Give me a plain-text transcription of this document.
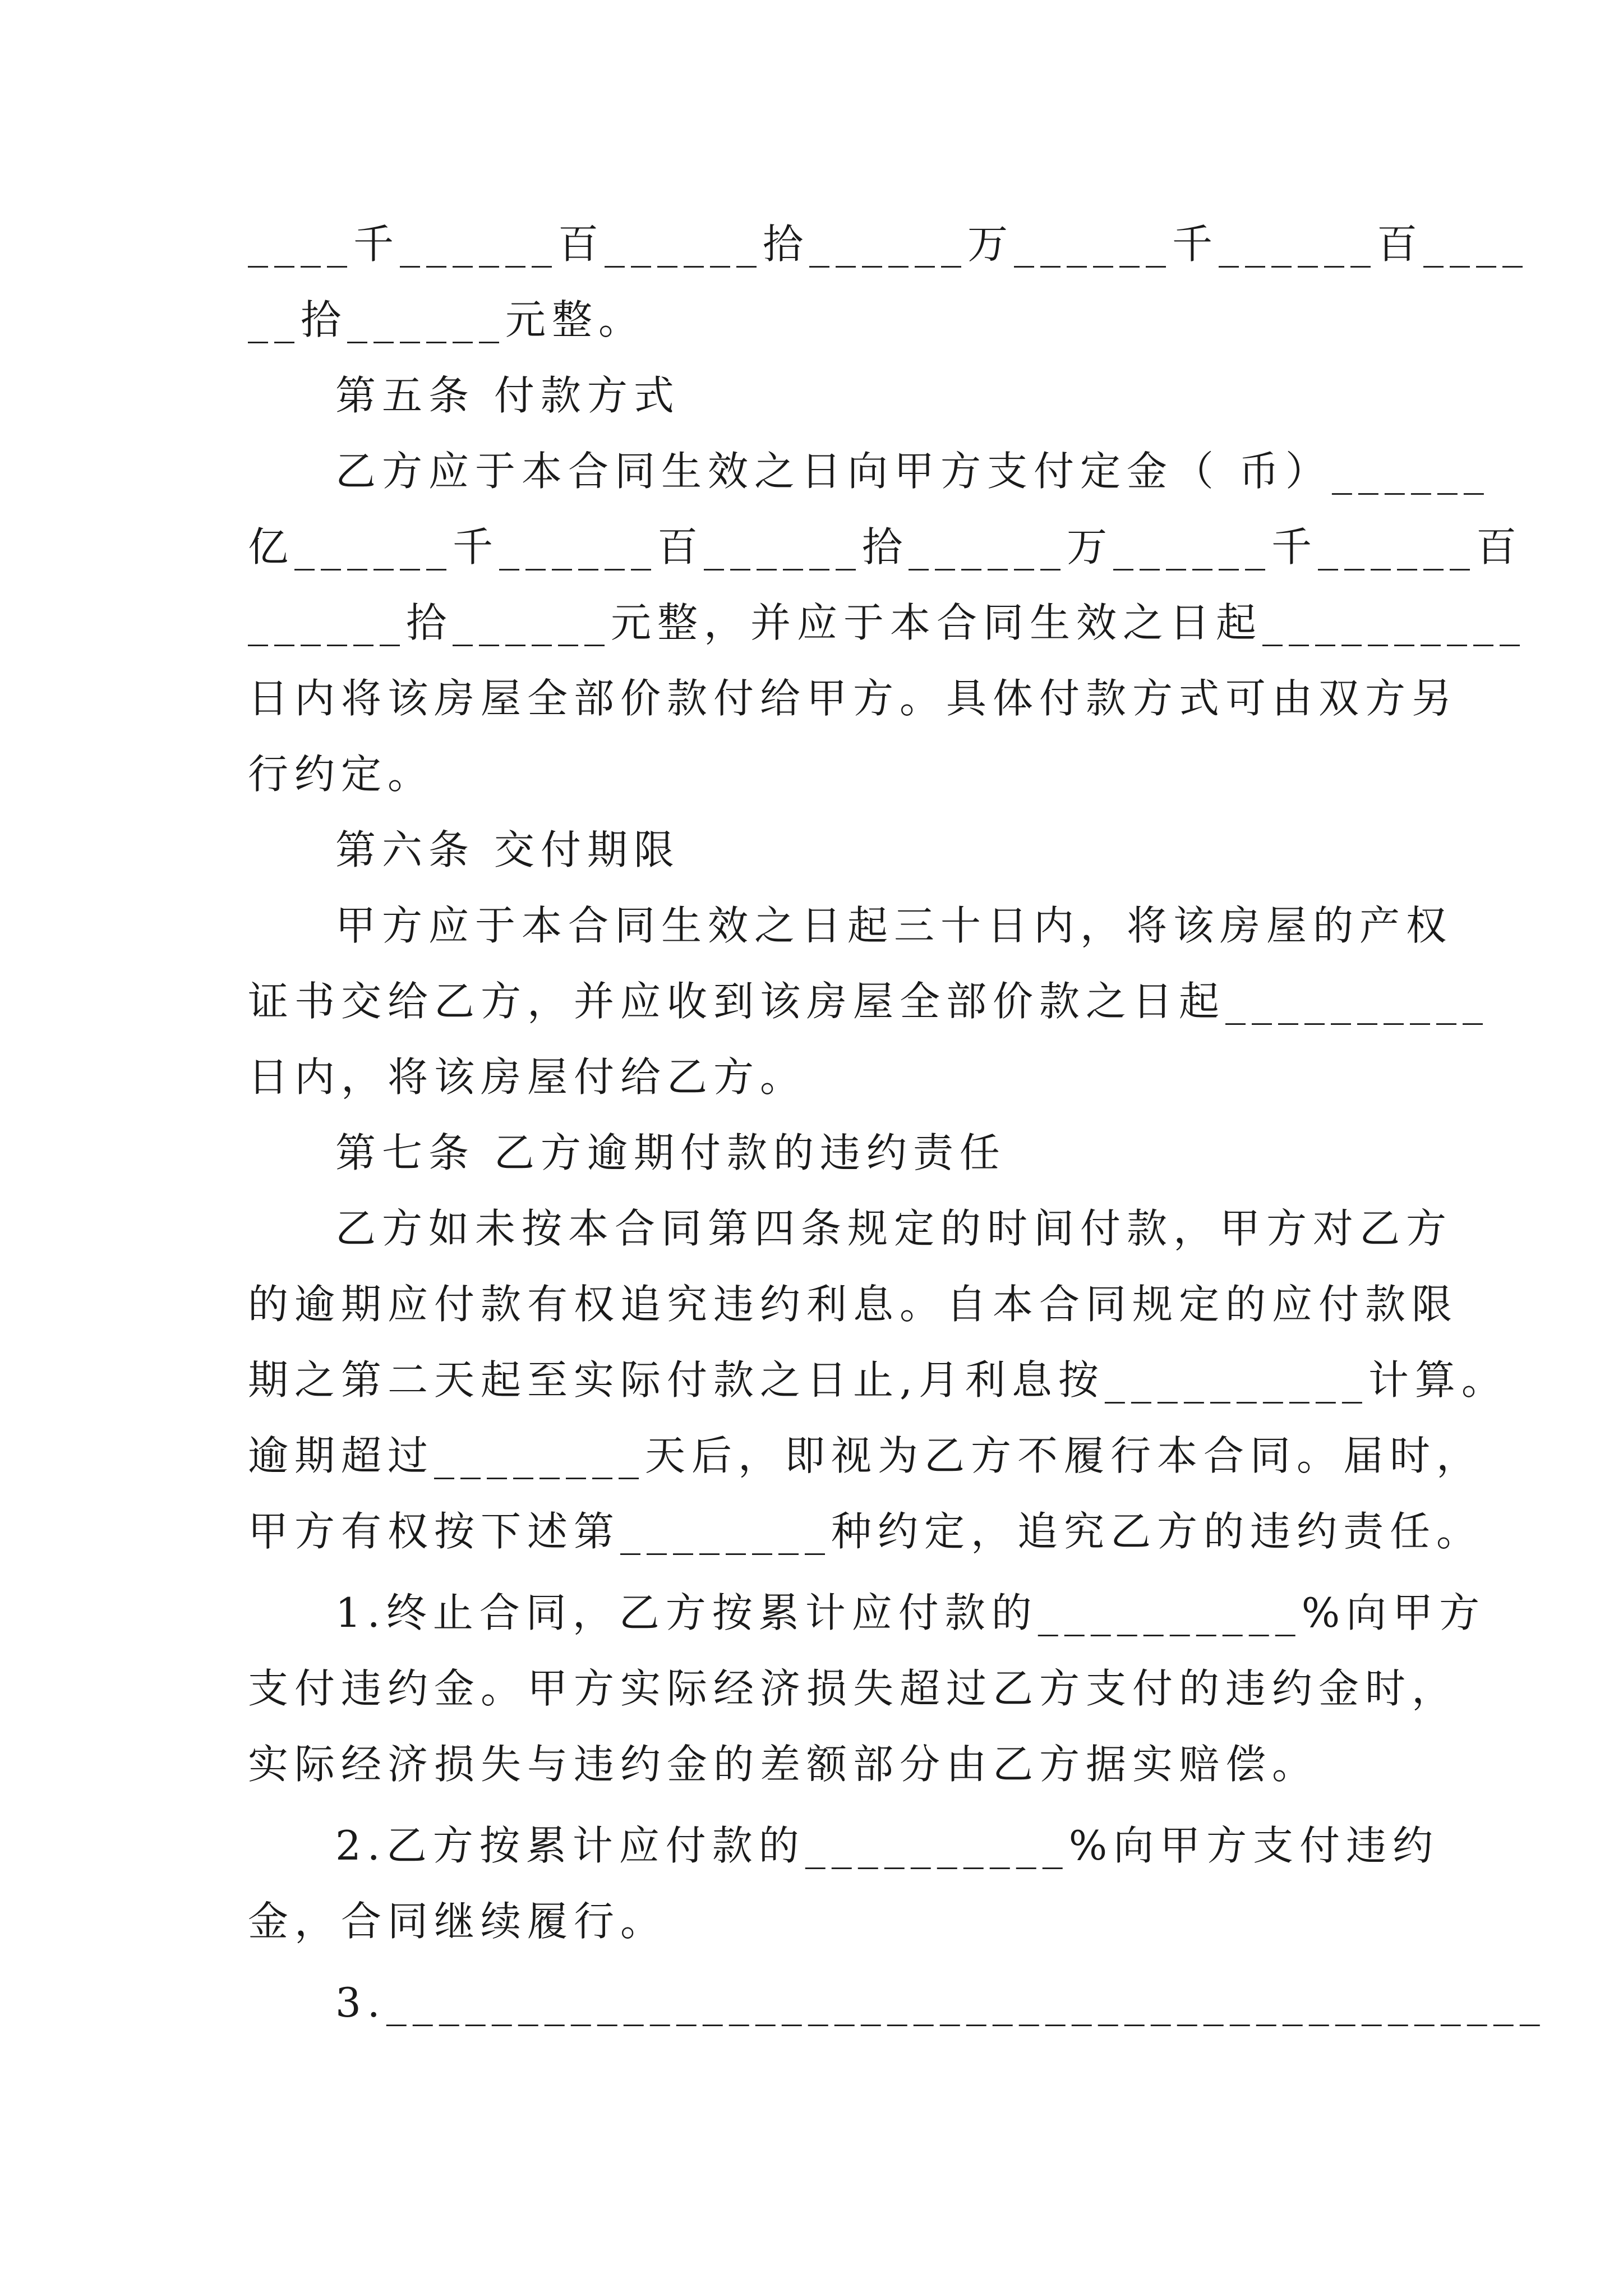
____千______百______拾______万______千______百____
__拾______元整。
第五条 付款方式
乙方应于本合同生效之日向甲方支付定金（ 币）______
亿______千______百______拾______万______千______百
______拾______元整，并应于本合同生效之日起__________
日内将该房屋全部价款付给甲方。具体付款方式可由双方另
行约定。
第六条 交付期限
甲方应于本合同生效之日起三十日内，将该房屋的产权
证书交给乙方，并应收到该房屋全部价款之日起__________
日内，将该房屋付给乙方。
第七条 乙方逾期付款的违约责任
乙方如未按本合同第四条规定的时间付款，甲方对乙方
的逾期应付款有权追究违约利息。自本合同规定的应付款限
期之第二天起至实际付款之日止,月利息按__________计算。
逾期超过________天后，即视为乙方不履行本合同。届时，
甲方有权按下述第________种约定，追究乙方的违约责任。
1.终止合同，乙方按累计应付款的__________%向甲方
支付违约金。甲方实际经济损失超过乙方支付的违约金时，
实际经济损失与违约金的差额部分由乙方据实赔偿。
2.乙方按累计应付款的__________%向甲方支付违约
金，合同继续履行。
3.____________________________________________
